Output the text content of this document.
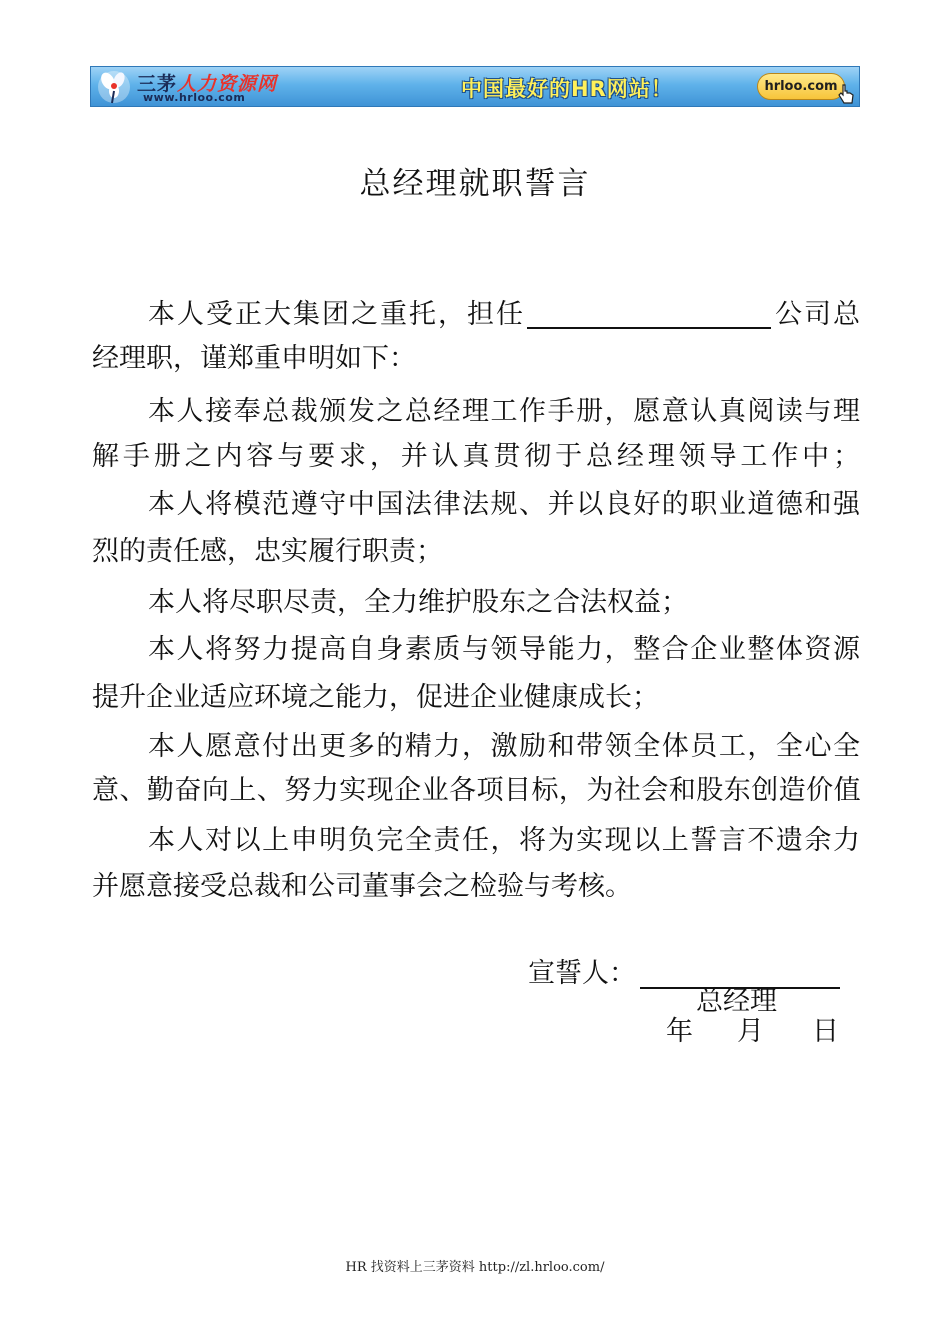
三茅人力资源网
www.hrloo.com	中国最好的HR网站！	hrloo.com
总经理就职誓言
本人受正大集团之重托，担任	公司总
经理职，谨郑重申明如下：
本人接奉总裁颁发之总经理工作手册，愿意认真阅读与理
解手册之内容与要求，并认真贯彻于总经理领导工作中；
本人将模范遵守中国法律法规、并以良好的职业道德和强
烈的责任感，忠实履行职责；
本人将尽职尽责，全力维护股东之合法权益；
本人将努力提高自身素质与领导能力，整合企业整体资源
提升企业适应环境之能力，促进企业健康成长；
本人愿意付出更多的精力，激励和带领全体员工，全心全
意、勤奋向上、努力实现企业各项目标，为社会和股东创造价值
本人对以上申明负完全责任，将为实现以上誓言不遗余力
并愿意接受总裁和公司董事会之检验与考核。
宣誓人：
总经理
年 月 日
HR 找资料上三茅资料 http://zl.hrloo.com/
